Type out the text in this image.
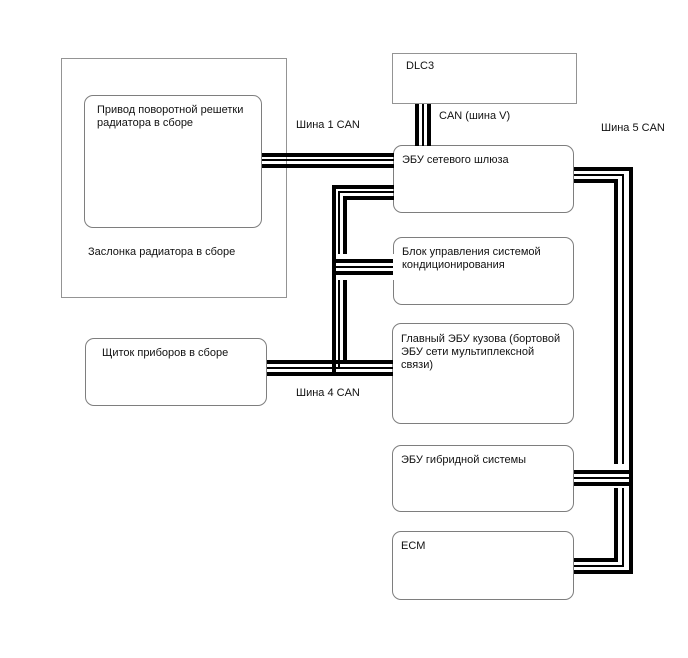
Заслонка радиатора в сборе
Привод поворотной решетки радиатора в сборе
DLC3
ЭБУ сетевого шлюза
Блок управления системой кондиционирования
Главный ЭБУ кузова (бортовой ЭБУ сети мультиплексной связи)
Щиток приборов в сборе
ЭБУ гибридной системы
ECM
Шина 1 CAN
CAN (шина V)
Шина 5 CAN
Шина 4 CAN
